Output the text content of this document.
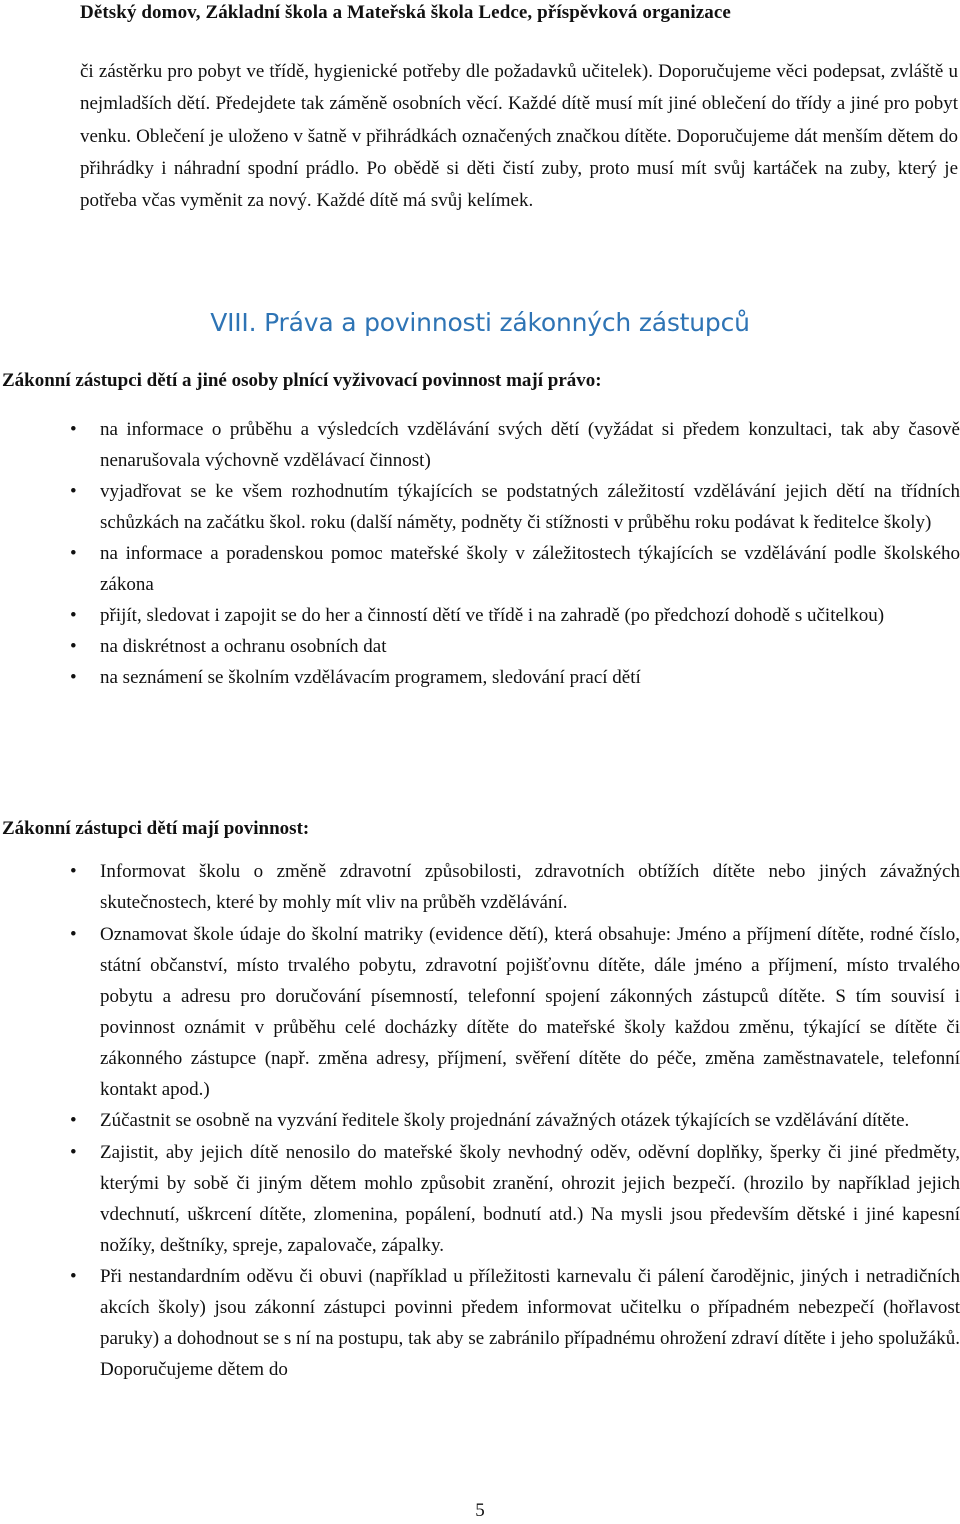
Dětský domov, Základní škola a Mateřská škola Ledce, příspěvková organizace
či zástěrku pro pobyt ve třídě, hygienické potřeby dle požadavků učitelek). Doporučujeme věci podepsat, zvláště u nejmladších dětí. Předejdete tak záměně osobních věcí. Každé dítě musí mít jiné oblečení do třídy a jiné pro pobyt venku. Oblečení je uloženo v šatně v přihrádkách označených značkou dítěte. Doporučujeme dát menším dětem do přihrádky i náhradní spodní prádlo. Po obědě si děti čistí zuby, proto musí mít svůj kartáček na zuby, který je potřeba včas vyměnit za nový. Každé dítě má svůj kelímek.
VIII. Práva a povinnosti zákonných zástupců
Zákonní zástupci dětí a jiné osoby plnící vyživovací povinnost mají právo:
•	na informace o průběhu a výsledcích vzdělávání svých dětí (vyžádat si předem konzultaci, tak aby časově nenarušovala výchovně vzdělávací činnost)
•	vyjadřovat se ke všem rozhodnutím týkajících se podstatných záležitostí vzdělávání jejich dětí na třídních schůzkách na začátku škol. roku (další náměty, podněty či stížnosti v průběhu roku podávat k ředitelce školy)
•	na informace a poradenskou pomoc mateřské školy v záležitostech týkajících se vzdělávání podle školského zákona
•	přijít, sledovat i zapojit se do her a činností dětí ve třídě i na zahradě (po předchozí dohodě s učitelkou)
•	na diskrétnost a ochranu osobních dat
•	na seznámení se školním vzdělávacím programem, sledování prací dětí
Zákonní zástupci dětí mají povinnost:
•	Informovat školu o změně zdravotní způsobilosti, zdravotních obtížích dítěte nebo jiných závažných skutečnostech, které by mohly mít vliv na průběh vzdělávání.
•	Oznamovat škole údaje do školní matriky (evidence dětí), která obsahuje: Jméno a příjmení dítěte, rodné číslo, státní občanství, místo trvalého pobytu, zdravotní pojišťovnu dítěte, dále jméno a příjmení, místo trvalého pobytu a adresu pro doručování písemností, telefonní spojení zákonných zástupců dítěte. S tím souvisí i povinnost oznámit v průběhu celé docházky dítěte do mateřské školy každou změnu, týkající se dítěte či zákonného zástupce (např. změna adresy, příjmení, svěření dítěte do péče, změna zaměstnavatele, telefonní kontakt apod.)
•	Zúčastnit se osobně na vyzvání ředitele školy projednání závažných otázek týkajících se vzdělávání dítěte.
•	Zajistit, aby jejich dítě nenosilo do mateřské školy nevhodný oděv, oděvní doplňky, šperky či jiné předměty, kterými by sobě či jiným dětem mohlo způsobit zranění, ohrozit jejich bezpečí. (hrozilo by například jejich vdechnutí, uškrcení dítěte, zlomenina, popálení, bodnutí atd.) Na mysli jsou především dětské i jiné kapesní nožíky, deštníky, spreje, zapalovače, zápalky.
•	Při nestandardním oděvu či obuvi (například u příležitosti karnevalu či pálení čarodějnic, jiných i netradičních akcích školy) jsou zákonní zástupci povinni předem informovat učitelku o případném nebezpečí (hořlavost paruky) a dohodnout se s ní na postupu, tak aby se zabránilo případnému ohrožení zdraví dítěte i jeho spolužáků. Doporučujeme dětem do
5
